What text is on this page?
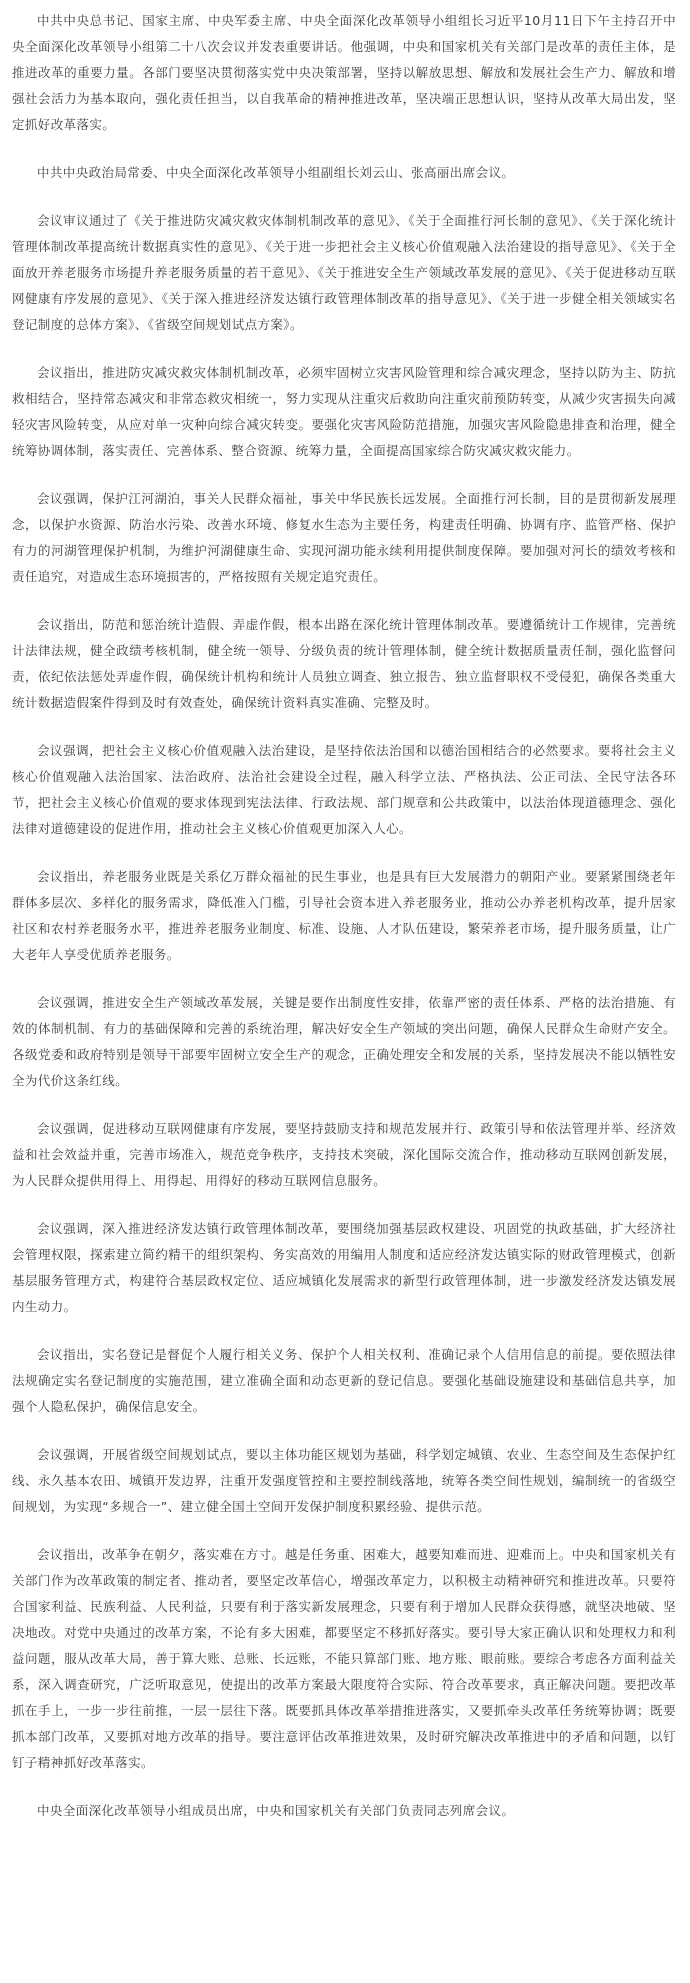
中共中央总书记、国家主席、中央军委主席、中央全面深化改革领导小组组长习近平10月11日下午主持召开中央全面深化改革领导小组第二十八次会议并发表重要讲话。他强调，中央和国家机关有关部门是改革的责任主体，是推进改革的重要力量。各部门要坚决贯彻落实党中央决策部署，坚持以解放思想、解放和发展社会生产力、解放和增强社会活力为基本取向，强化责任担当，以自我革命的精神推进改革，坚决端正思想认识，坚持从改革大局出发，坚定抓好改革落实。

中共中央政治局常委、中央全面深化改革领导小组副组长刘云山、张高丽出席会议。

会议审议通过了《关于推进防灾减灾救灾体制机制改革的意见》、《关于全面推行河长制的意见》、《关于深化统计管理体制改革提高统计数据真实性的意见》、《关于进一步把社会主义核心价值观融入法治建设的指导意见》、《关于全面放开养老服务市场提升养老服务质量的若干意见》、《关于推进安全生产领域改革发展的意见》、《关于促进移动互联网健康有序发展的意见》、《关于深入推进经济发达镇行政管理体制改革的指导意见》、《关于进一步健全相关领域实名登记制度的总体方案》、《省级空间规划试点方案》。

会议指出，推进防灾减灾救灾体制机制改革，必须牢固树立灾害风险管理和综合减灾理念，坚持以防为主、防抗救相结合，坚持常态减灾和非常态救灾相统一，努力实现从注重灾后救助向注重灾前预防转变，从减少灾害损失向减轻灾害风险转变，从应对单一灾种向综合减灾转变。要强化灾害风险防范措施，加强灾害风险隐患排查和治理，健全统筹协调体制，落实责任、完善体系、整合资源、统筹力量，全面提高国家综合防灾减灾救灾能力。

会议强调，保护江河湖泊，事关人民群众福祉，事关中华民族长远发展。全面推行河长制，目的是贯彻新发展理念，以保护水资源、防治水污染、改善水环境、修复水生态为主要任务，构建责任明确、协调有序、监管严格、保护有力的河湖管理保护机制，为维护河湖健康生命、实现河湖功能永续利用提供制度保障。要加强对河长的绩效考核和责任追究，对造成生态环境损害的，严格按照有关规定追究责任。

会议指出，防范和惩治统计造假、弄虚作假，根本出路在深化统计管理体制改革。要遵循统计工作规律，完善统计法律法规，健全政绩考核机制，健全统一领导、分级负责的统计管理体制，健全统计数据质量责任制，强化监督问责，依纪依法惩处弄虚作假，确保统计机构和统计人员独立调查、独立报告、独立监督职权不受侵犯，确保各类重大统计数据造假案件得到及时有效查处，确保统计资料真实准确、完整及时。

会议强调，把社会主义核心价值观融入法治建设，是坚持依法治国和以德治国相结合的必然要求。要将社会主义核心价值观融入法治国家、法治政府、法治社会建设全过程，融入科学立法、严格执法、公正司法、全民守法各环节，把社会主义核心价值观的要求体现到宪法法律、行政法规、部门规章和公共政策中，以法治体现道德理念、强化法律对道德建设的促进作用，推动社会主义核心价值观更加深入人心。

会议指出，养老服务业既是关系亿万群众福祉的民生事业，也是具有巨大发展潜力的朝阳产业。要紧紧围绕老年群体多层次、多样化的服务需求，降低准入门槛，引导社会资本进入养老服务业，推动公办养老机构改革，提升居家社区和农村养老服务水平，推进养老服务业制度、标准、设施、人才队伍建设，繁荣养老市场，提升服务质量，让广大老年人享受优质养老服务。

会议强调，推进安全生产领域改革发展，关键是要作出制度性安排，依靠严密的责任体系、严格的法治措施、有效的体制机制、有力的基础保障和完善的系统治理，解决好安全生产领域的突出问题，确保人民群众生命财产安全。各级党委和政府特别是领导干部要牢固树立安全生产的观念，正确处理安全和发展的关系，坚持发展决不能以牺牲安全为代价这条红线。

会议强调，促进移动互联网健康有序发展，要坚持鼓励支持和规范发展并行、政策引导和依法管理并举、经济效益和社会效益并重，完善市场准入，规范竞争秩序，支持技术突破，深化国际交流合作，推动移动互联网创新发展，为人民群众提供用得上、用得起、用得好的移动互联网信息服务。

会议强调，深入推进经济发达镇行政管理体制改革，要围绕加强基层政权建设、巩固党的执政基础，扩大经济社会管理权限，探索建立简约精干的组织架构、务实高效的用编用人制度和适应经济发达镇实际的财政管理模式，创新基层服务管理方式，构建符合基层政权定位、适应城镇化发展需求的新型行政管理体制，进一步激发经济发达镇发展内生动力。

会议指出，实名登记是督促个人履行相关义务、保护个人相关权利、准确记录个人信用信息的前提。要依照法律法规确定实名登记制度的实施范围，建立准确全面和动态更新的登记信息。要强化基础设施建设和基础信息共享，加强个人隐私保护，确保信息安全。

会议强调，开展省级空间规划试点，要以主体功能区规划为基础，科学划定城镇、农业、生态空间及生态保护红线、永久基本农田、城镇开发边界，注重开发强度管控和主要控制线落地，统筹各类空间性规划，编制统一的省级空间规划，为实现“多规合一”、建立健全国土空间开发保护制度积累经验、提供示范。

会议指出，改革争在朝夕，落实难在方寸。越是任务重、困难大，越要知难而进、迎难而上。中央和国家机关有关部门作为改革政策的制定者、推动者，要坚定改革信心，增强改革定力，以积极主动精神研究和推进改革。只要符合国家利益、民族利益、人民利益，只要有利于落实新发展理念，只要有利于增加人民群众获得感，就坚决地破、坚决地改。对党中央通过的改革方案，不论有多大困难，都要坚定不移抓好落实。要引导大家正确认识和处理权力和利益问题，服从改革大局，善于算大账、总账、长远账，不能只算部门账、地方账、眼前账。要综合考虑各方面利益关系，深入调查研究，广泛听取意见，使提出的改革方案最大限度符合实际、符合改革要求，真正解决问题。要把改革抓在手上，一步一步往前推，一层一层往下落。既要抓具体改革举措推进落实，又要抓牵头改革任务统筹协调；既要抓本部门改革，又要抓对地方改革的指导。要注意评估改革推进效果，及时研究解决改革推进中的矛盾和问题，以钉钉子精神抓好改革落实。

中央全面深化改革领导小组成员出席，中央和国家机关有关部门负责同志列席会议。
